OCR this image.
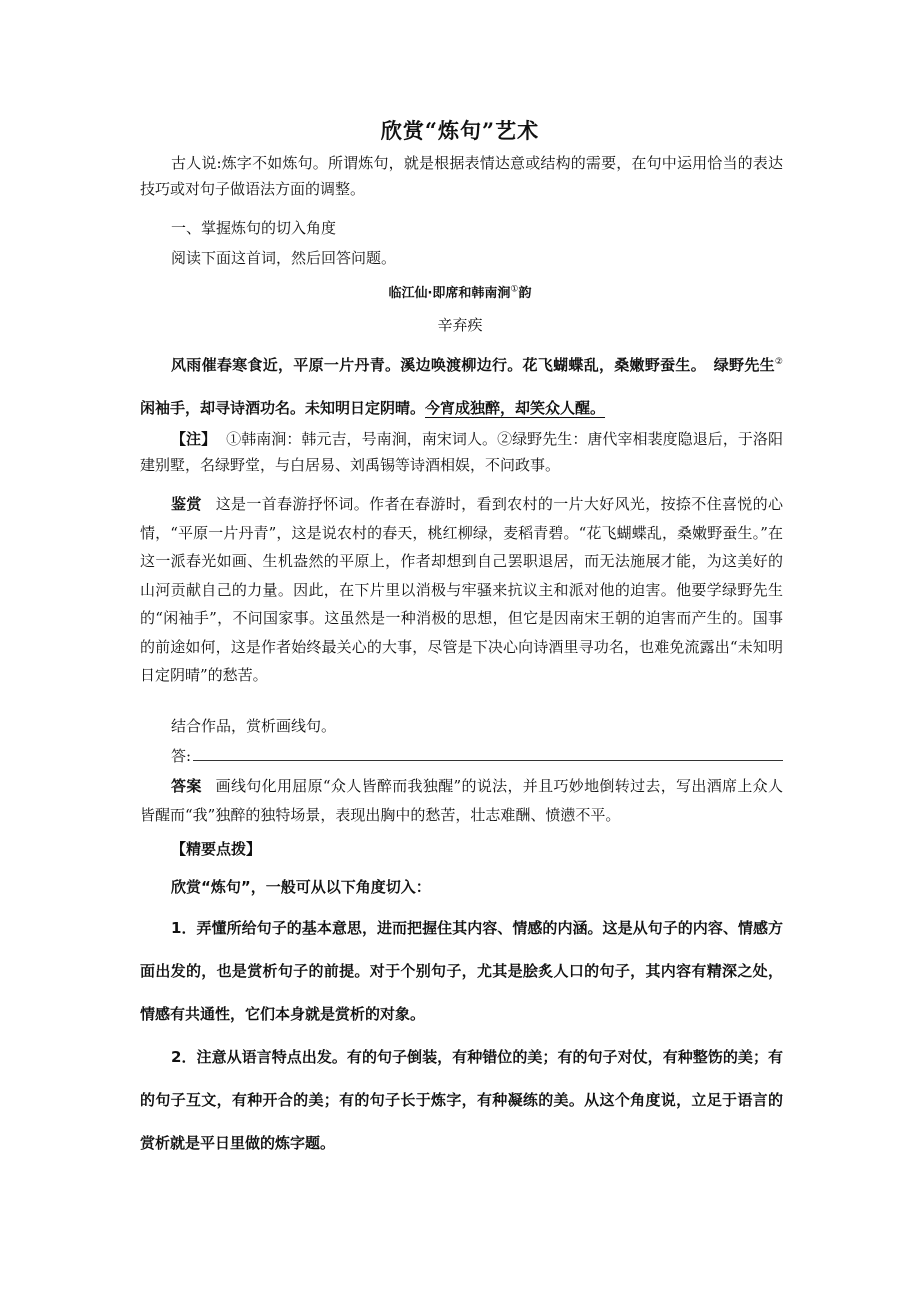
欣赏“炼句”艺术

古人说:炼字不如炼句。所谓炼句，就是根据表情达意或结构的需要，在句中运用恰当的表达技巧或对句子做语法方面的调整。

一、掌握炼句的切入角度

阅读下面这首词，然后回答问题。

临江仙·即席和韩南涧①韵
辛弃疾

风雨催春寒食近，平原一片丹青。溪边唤渡柳边行。花飞蝴蝶乱，桑嫩野蚕生。　绿野先生②闲袖手，却寻诗酒功名。未知明日定阴晴。今宵成独醉，却笑众人醒。

【注】 ①韩南涧：韩元吉，号南涧，南宋词人。②绿野先生：唐代宰相裴度隐退后，于洛阳建别墅，名绿野堂，与白居易、刘禹锡等诗酒相娱，不问政事。

鉴赏 这是一首春游抒怀词。作者在春游时，看到农村的一片大好风光，按捺不住喜悦的心情，“平原一片丹青”，这是说农村的春天，桃红柳绿，麦稻青碧。“花飞蝴蝶乱，桑嫩野蚕生。”在这一派春光如画、生机盎然的平原上，作者却想到自己罢职退居，而无法施展才能，为这美好的山河贡献自己的力量。因此，在下片里以消极与牢骚来抗议主和派对他的迫害。他要学绿野先生的“闲袖手”，不问国家事。这虽然是一种消极的思想，但它是因南宋王朝的迫害而产生的。国事的前途如何，这是作者始终最关心的大事，尽管是下决心向诗酒里寻功名，也难免流露出“未知明日定阴晴”的愁苦。

结合作品，赏析画线句。

答:

答案 画线句化用屈原“众人皆醉而我独醒”的说法，并且巧妙地倒转过去，写出酒席上众人皆醒而“我”独醉的独特场景，表现出胸中的愁苦，壮志难酬、愤懑不平。

【精要点拨】
欣赏“炼句”，一般可从以下角度切入：

1．弄懂所给句子的基本意思，进而把握住其内容、情感的内涵。这是从句子的内容、情感方面出发的，也是赏析句子的前提。对于个别句子，尤其是脍炙人口的句子，其内容有精深之处，情感有共通性，它们本身就是赏析的对象。

2．注意从语言特点出发。有的句子倒装，有种错位的美；有的句子对仗，有种整饬的美；有的句子互文，有种开合的美；有的句子长于炼字，有种凝练的美。从这个角度说，立足于语言的赏析就是平日里做的炼字题。
